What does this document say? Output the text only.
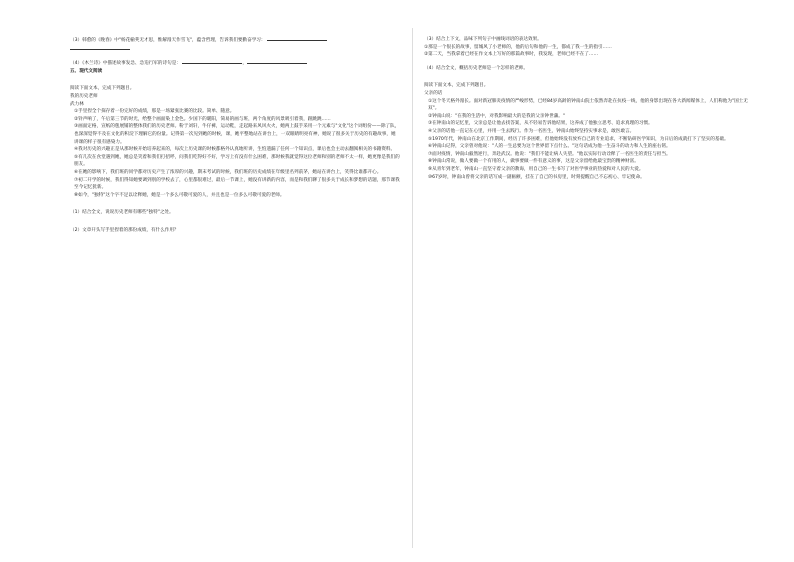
（3）韩愈的《晚春》中"杨花榆荚无才思，惟解漫天作雪飞"，蕴含哲理，告诉我们要勤奋学习：

（4）《木兰诗》中描述故事发急、急迫行军的诗句是：	，

五、现代文阅读

阅读下面文本，完成下列题目。

我的历史老师

武力林

①手里捏全个探存着一份完好的成绩，那是一场紧张比赛的比较。简单、随意。

②铃声响了，午后第三节的时光，给整个画面染上金色。少国下的暖阳，简易的画与班，两个角度的风景吸引着我，跟跳跳……

③画面定格，宣纸的毯展铺的整体我们的历史老师。粉于刘轩，牛仔裤，运动鞋，走起路来风风火火，她两上鼓手采用一个元素与"文化"这个词组份——除了队，也深深觉得不及在文化的积淀下理解它的份量。记得第一次见到她的时候，课，她平整地站在讲台上，一双眼睛明亮有神，她说了很多关于历史的有趣故事，她讲课的样子很有感染力。

④我对历史的兴趣正是从那时候开始培养起来的，每次上历史课的时候都格外认真地听讲，生怕遗漏了任何一个知识点，课后也会主动去翻阅相关的书籍资料。

⑤有几次在食堂遇到她，她总是笑着和我们打招呼，问我们吃得好不好，学习上有没有什么困难，那时候我就觉得这位老师和别的老师不太一样，她更像是我们的朋友。

⑥在她的影响下，我们班的同学都对历史产生了浓厚的兴趣，期末考试的时候，我们班的历史成绩在年级里名列前茅，她站在讲台上，笑得比谁都开心。

⑦初二开学的时候，我们得知她要调到别的学校去了，心里都很难过，最后一节课上，她没有讲新的内容，而是和我们聊了很多关于成长和梦想的话题，那节课我至今记忆犹新。

⑧如今，"独特"这个字不足以诠释她，她是一个多么可敬可爱的人，并且也是一位多么可敬可爱的老师。

（1）结合全文，说说历史老师有哪些"独特"之处。

（2）文章开头写手里捏着的那份成绩，有什么作用？

（3）结合上下文，品味下列句子中画线词语的表达效果。

①那是一个很长的故事，留城风了小老师的，他的后句和他的一生，都成了我一生的指引……

②第二天，当我拿着已经在作文本上写好的那篇故事时，我发现，老师已经不在了……

（4）结合全文，概括历史老师是一个怎样的老师。

阅读下面文本，完成下列题目。

父亲的话

①这个冬天格外漫长。面对新冠肺炎疫情的严峻形势，已经84岁高龄的钟南山院士依然奔赴在抗疫一线，他的身影出现在各大新闻媒体上，人们称他为"国士无双"。

②钟南山说："在我的生活中，对我影响最大的是我的父亲钟世藩。"

③在钟南山的记忆里，父亲总是让他去找答案，从不轻易告诉他结果，这养成了他独立思考、追求真理的习惯。

④父亲的话他一直记在心里，并用一生去践行。作为一名医生，钟南山始终坚持实事求是，敢医敢言。

⑤1970年代，钟南山在北京工作期间，经历了许多困难，但他始终没有放弃自己的专业追求，不断钻研医学知识，为日后的成就打下了坚实的基础。

⑥钟南山记得，父亲曾对他说："人的一生总要为这个世界留下点什么。"这句话成为他一生奋斗的动力和人生的座右铭。

⑦面对疫情，钟南山毅然逆行，奔赴武汉。他说："我们不能让病人失望。"他以实际行动诠释了一名医生的责任与担当。

⑧钟南山常说，做人要做一个有用的人，做事要做一件有意义的事，这是父亲留给他最宝贵的精神财富。

⑨从青年到老年，钟南山一直坚守着父亲的教诲，用自己的一生书写了对医学事业的热爱和对人民的大爱。

⑩67岁时，钟南山曾将父亲的话写成一副匾额，挂在了自己的书房里，时刻提醒自己不忘初心、牢记使命。
